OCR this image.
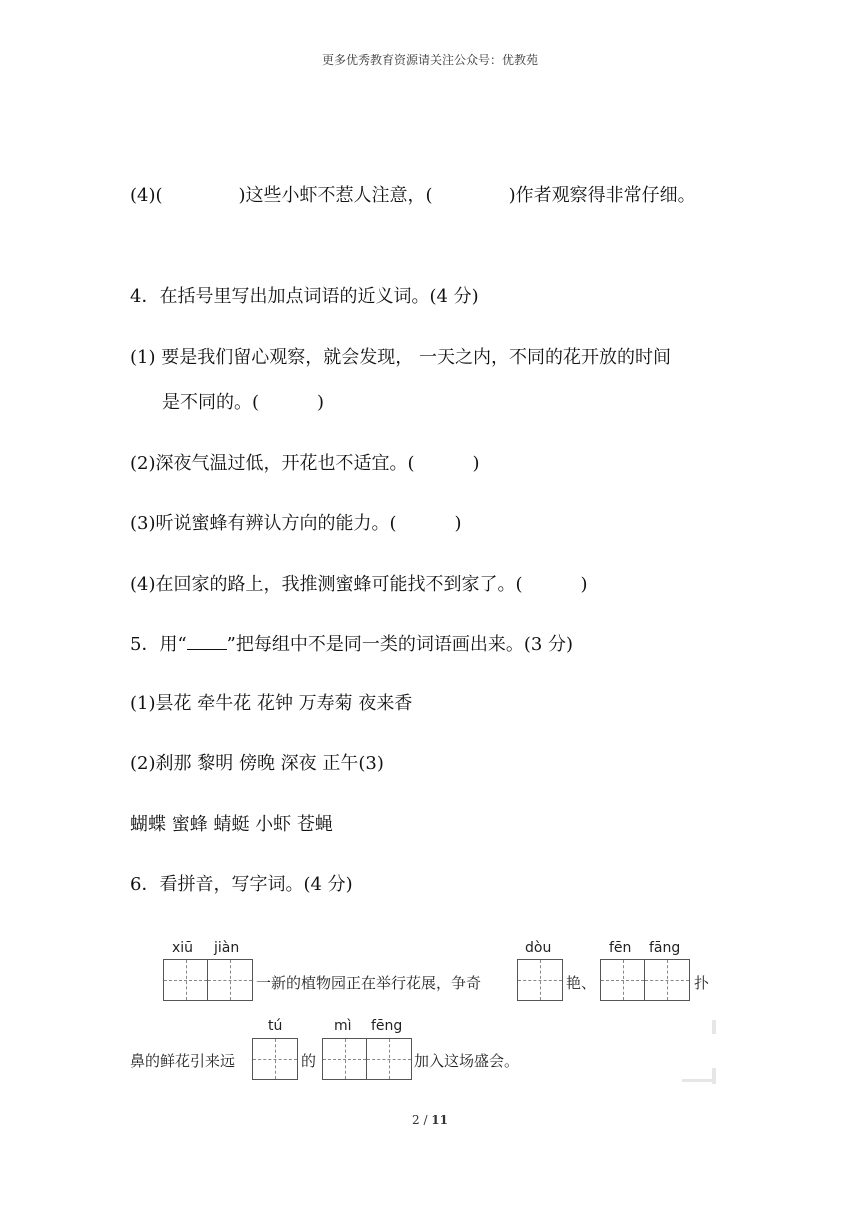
更多优秀教育资源请关注公众号：优教苑
(4)(	)这些小虾不惹人注意，(	)作者观察得非常仔细。
4．在括号里写出加点词语的近义词。(4 分)
(1) 要是我们留心观察，就会发现， 一天之内，不同的花开放的时间
是不同的。(	)
(2)深夜气温过低，开花也不适宜。(	)
(3)听说蜜蜂有辨认方向的能力。(	)
(4)在回家的路上，我推测蜜蜂可能找不到家了。(	)
5．用“ ”把每组中不是同一类的词语画出来。(3 分)
(1)昙花 牵牛花 花钟 万寿菊 夜来香
(2)刹那 黎明 傍晚 深夜 正午(3)
蝴蝶 蜜蜂 蜻蜓 小虾 苍蝇
6．看拼音，写字词。(4 分)
xiū jiàn	dòu	fēn fāng
一新的植物园正在举行花展，争奇	艳、	扑
tú	mì fēng
鼻的鲜花引来远	的	加入这场盛会。
2 / 11
